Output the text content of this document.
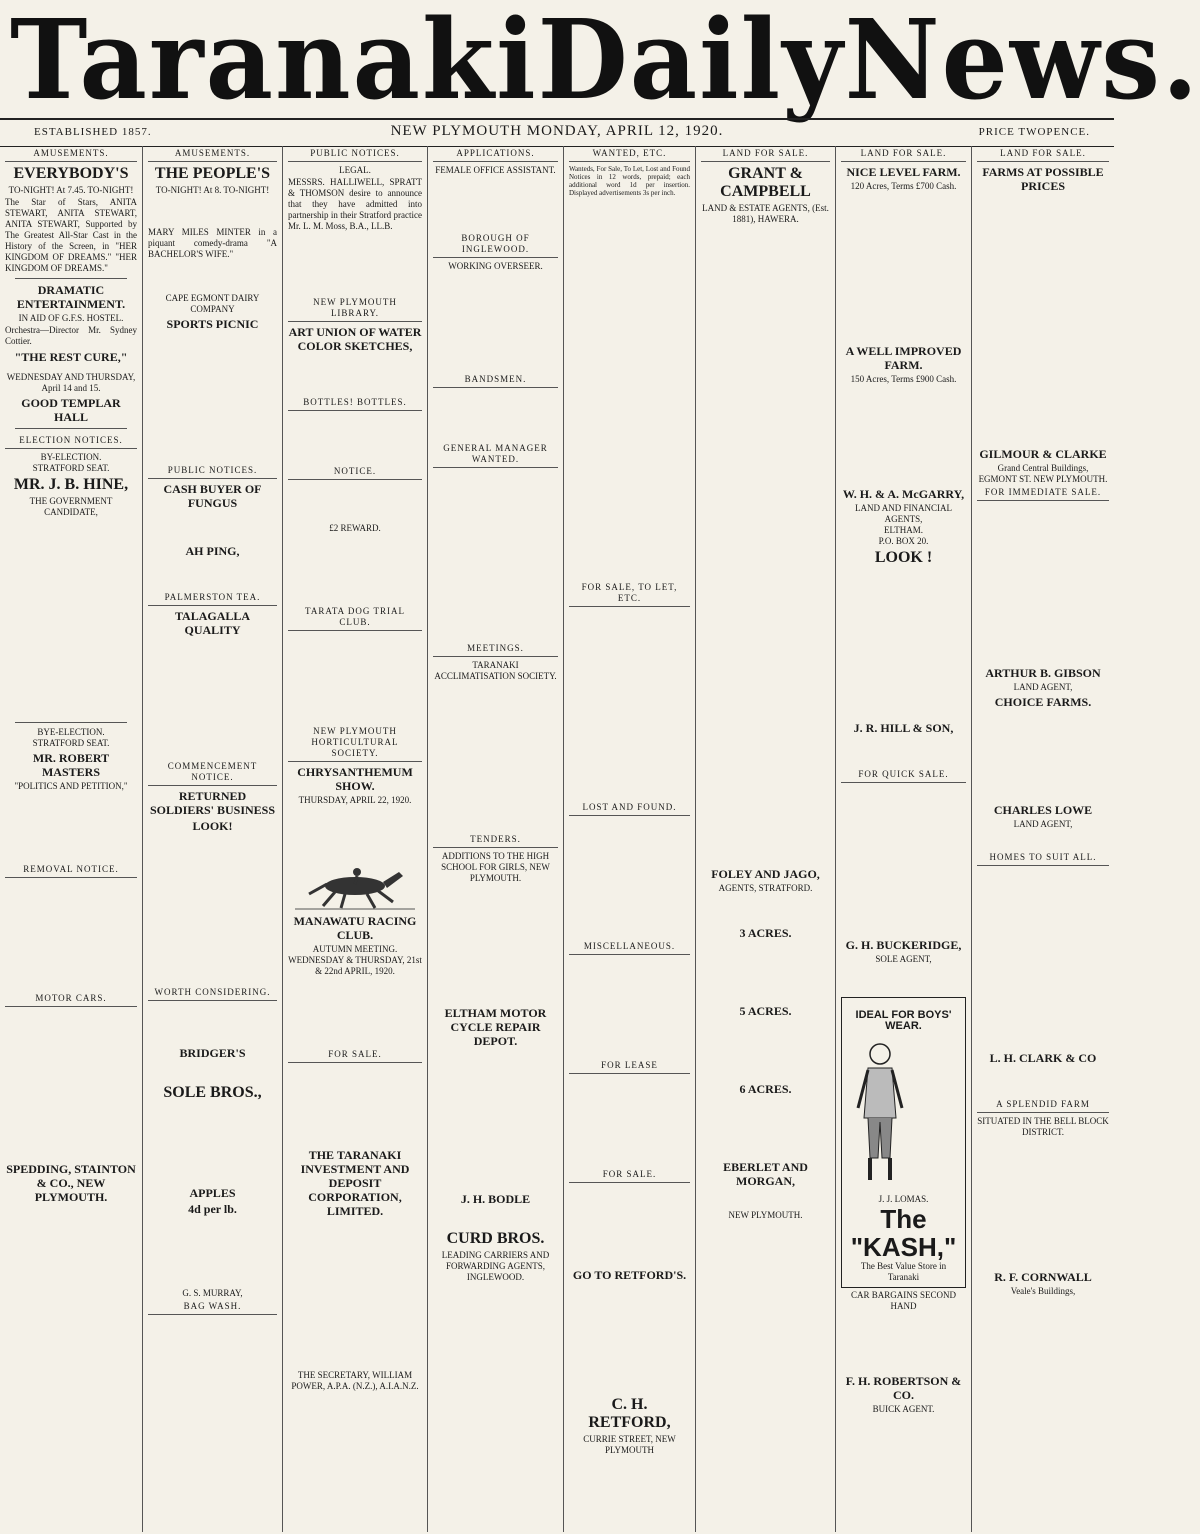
Taranaki Daily News.
ESTABLISHED 1857.	NEW PLYMOUTH MONDAY, APRIL 12, 1920.	PRICE TWOPENCE.
AMUSEMENTS.
EVERYBODY'S
TO-NIGHT! At 7.45. TO-NIGHT!
The Star of Stars, ANITA STEWART, ANITA STEWART, ANITA STEWART, Supported by The Greatest All-Star Cast in the History of the Screen, in "HER KINGDOM OF DREAMS." "HER KINGDOM OF DREAMS."
DRAMATIC ENTERTAINMENT.
IN AID OF G.F.S. HOSTEL.
Orchestra—Director Mr. Sydney Cottier.
"THE REST CURE,"
WEDNESDAY AND THURSDAY, April 14 and 15.
GOOD TEMPLAR HALL
ELECTION NOTICES.
BY-ELECTION.
STRATFORD SEAT.
MR. J. B. HINE,
THE GOVERNMENT CANDIDATE,
BYE-ELECTION.
STRATFORD SEAT.
MR. ROBERT MASTERS
"POLITICS AND PETITION,"
REMOVAL NOTICE.
MOTOR CARS.
SPEDDING, STAINTON & CO., NEW PLYMOUTH.
AMUSEMENTS.
THE PEOPLE'S
TO-NIGHT! At 8. TO-NIGHT!
MARY MILES MINTER in a piquant comedy-drama "A BACHELOR'S WIFE."
CAPE EGMONT DAIRY COMPANY
SPORTS PICNIC
PUBLIC NOTICES.
CASH BUYER OF FUNGUS
AH PING,
PALMERSTON TEA.
TALAGALLA QUALITY
COMMENCEMENT NOTICE.
RETURNED SOLDIERS' BUSINESS
LOOK!
WORTH CONSIDERING.
BRIDGER'S
SOLE BROS.,
APPLES
4d per lb.
G. S. MURRAY,
BAG WASH.
PUBLIC NOTICES.
LEGAL.
MESSRS. HALLIWELL, SPRATT & THOMSON desire to announce that they have admitted into partnership in their Stratford practice Mr. L. M. Moss, B.A., LL.B.
NEW PLYMOUTH LIBRARY.
ART UNION OF WATER COLOR SKETCHES,
BOTTLES! BOTTLES.
NOTICE.
£2 REWARD.
TARATA DOG TRIAL CLUB.
NEW PLYMOUTH HORTICULTURAL SOCIETY.
CHRYSANTHEMUM SHOW.
THURSDAY, APRIL 22, 1920.
MANAWATU RACING CLUB.
AUTUMN MEETING.
WEDNESDAY & THURSDAY, 21st & 22nd APRIL, 1920.
FOR SALE.
THE TARANAKI INVESTMENT AND DEPOSIT CORPORATION, LIMITED.
THE SECRETARY, WILLIAM POWER, A.P.A. (N.Z.), A.I.A.N.Z.
APPLICATIONS.
FEMALE OFFICE ASSISTANT.
BOROUGH OF INGLEWOOD.
WORKING OVERSEER.
BANDSMEN.
GENERAL MANAGER WANTED.
MEETINGS.
TARANAKI ACCLIMATISATION SOCIETY.
TENDERS.
ADDITIONS TO THE HIGH SCHOOL FOR GIRLS, NEW PLYMOUTH.
ELTHAM MOTOR CYCLE REPAIR DEPOT.
J. H. BODLE
CURD BROS.
LEADING CARRIERS AND FORWARDING AGENTS,
INGLEWOOD.
WANTED, ETC.
Wanteds, For Sale, To Let, Lost and Found Notices in 12 words, prepaid; each additional word 1d per insertion. Displayed advertisements 3s per inch.
FOR SALE, TO LET, ETC.
LOST AND FOUND.
MISCELLANEOUS.
FOR LEASE
FOR SALE.
GO TO RETFORD'S.
C. H. RETFORD,
CURRIE STREET, NEW PLYMOUTH
LAND FOR SALE.
GRANT & CAMPBELL
LAND & ESTATE AGENTS, (Est. 1881), HAWERA.
FOLEY AND JAGO,
AGENTS, STRATFORD.
3 ACRES.
5 ACRES.
6 ACRES.
EBERLET AND MORGAN,
NEW PLYMOUTH.
LAND FOR SALE.
NICE LEVEL FARM.
120 Acres, Terms £700 Cash.
A WELL IMPROVED FARM.
150 Acres, Terms £900 Cash.
W. H. & A. McGARRY,
LAND AND FINANCIAL AGENTS,
ELTHAM.
P.O. BOX 20.
LOOK !
J. R. HILL & SON,
FOR QUICK SALE.
G. H. BUCKERIDGE,
SOLE AGENT,
IDEAL FOR BOYS' WEAR.
J. J. LOMAS.
The "KASH,"
The Best Value Store in Taranaki
CAR BARGAINS SECOND HAND
F. H. ROBERTSON & CO.
BUICK AGENT.
LAND FOR SALE.
FARMS AT POSSIBLE PRICES
GILMOUR & CLARKE
Grand Central Buildings,
EGMONT ST. NEW PLYMOUTH.
FOR IMMEDIATE SALE.
ARTHUR B. GIBSON
LAND AGENT,
CHOICE FARMS.
CHARLES LOWE
LAND AGENT,
HOMES TO SUIT ALL.
L. H. CLARK & CO
A SPLENDID FARM
SITUATED IN THE BELL BLOCK DISTRICT.
R. F. CORNWALL
Veale's Buildings,
